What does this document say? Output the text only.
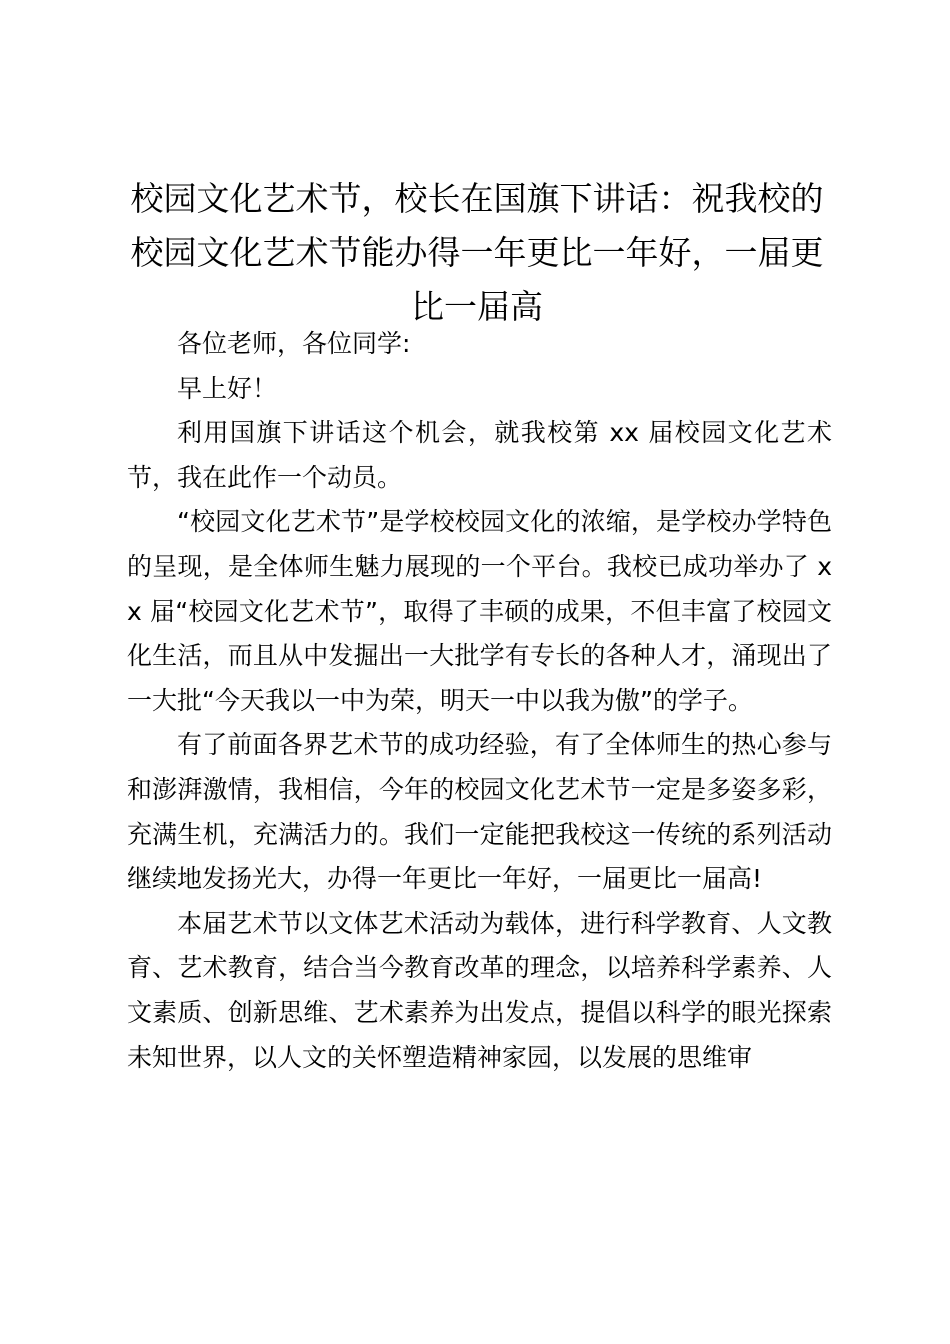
校园文化艺术节，校长在国旗下讲话：祝我校的校园文化艺术节能办得一年更比一年好，一届更比一届高

各位老师，各位同学:

早上好！

利用国旗下讲话这个机会，就我校第 xx 届校园文化艺术节，我在此作一个动员。

“校园文化艺术节”是学校校园文化的浓缩，是学校办学特色的呈现，是全体师生魅力展现的一个平台。我校已成功举办了 xx 届“校园文化艺术节”，取得了丰硕的成果，不但丰富了校园文化生活，而且从中发掘出一大批学有专长的各种人才，涌现出了一大批“今天我以一中为荣，明天一中以我为傲”的学子。

有了前面各界艺术节的成功经验，有了全体师生的热心参与和澎湃激情，我相信，今年的校园文化艺术节一定是多姿多彩，充满生机，充满活力的。我们一定能把我校这一传统的系列活动继续地发扬光大，办得一年更比一年好，一届更比一届高!

本届艺术节以文体艺术活动为载体，进行科学教育、人文教育、艺术教育，结合当今教育改革的理念，以培养科学素养、人文素质、创新思维、艺术素养为出发点，提倡以科学的眼光探索未知世界，以人文的关怀塑造精神家园，以发展的思维审
